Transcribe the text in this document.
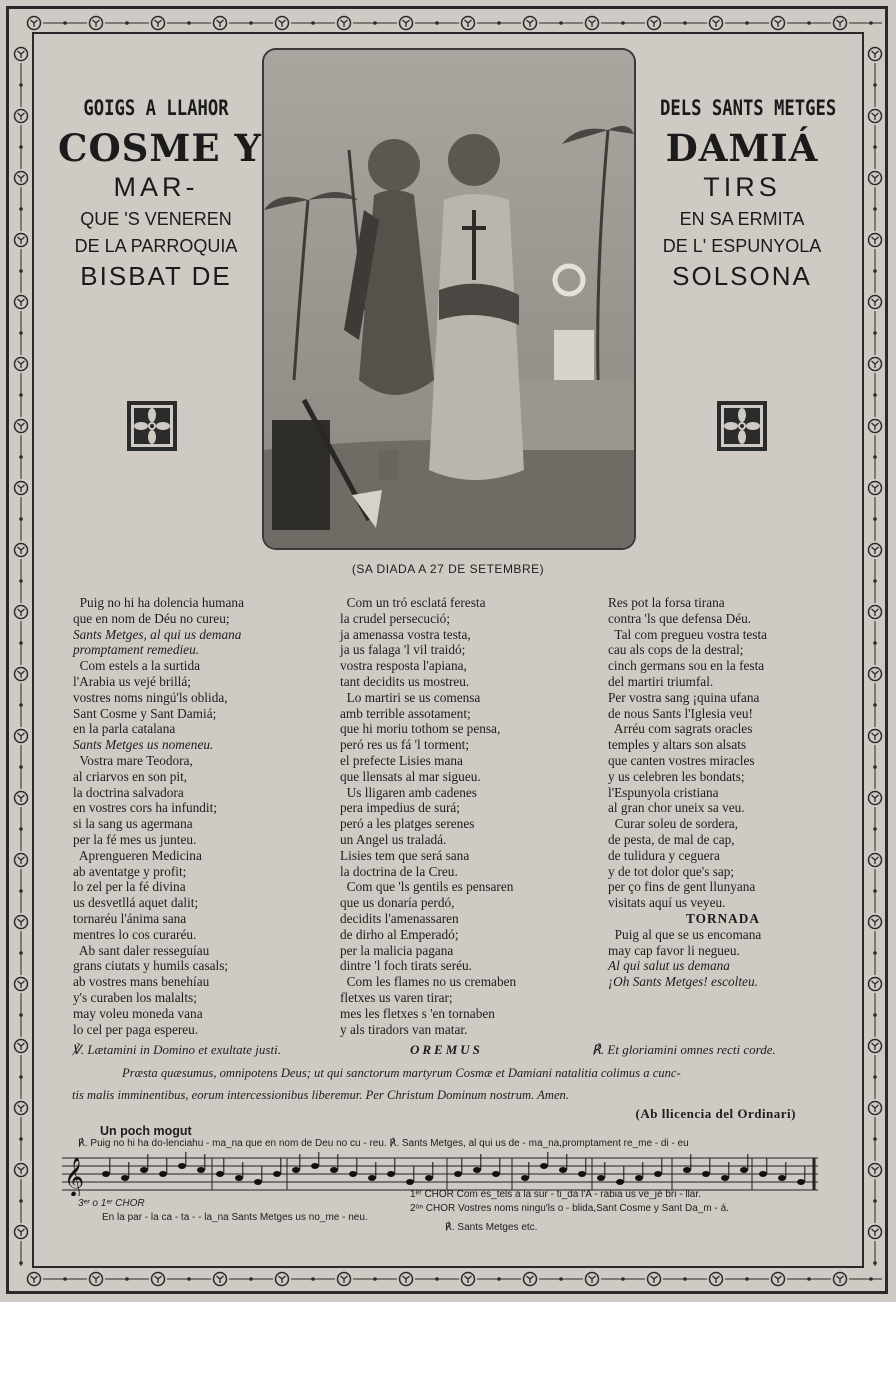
GOIGS A LLAHOR
COSME Y
MAR-
QUE 'S VENEREN
DE LA PARROQUIA
BISBAT DE
DELS SANTS METGES
DAMIÁ
TIRS
EN SA ERMITA
DE L' ESPUNYOLA
SOLSONA
(SA DIADA A 27 DE SETEMBRE)
Puig no hi ha dolencia humana
que en nom de Déu no cureu;
Sants Metges, al qui us demana
promptament remedieu.
Com estels a la surtida
l'Arabia us vejé brillá;
vostres noms ningú'ls oblida,
Sant Cosme y Sant Damiá;
en la parla catalana
Sants Metges us nomeneu.
Vostra mare Teodora,
al criarvos en son pit,
la doctrina salvadora
en vostres cors ha infundit;
si la sang us agermana
per la fé mes us junteu.
Aprengueren Medicina
ab aventatge y profit;
lo zel per la fé divina
us desvetllá aquet dalit;
tornaréu l'ánima sana
mentres lo cos curaréu.
Ab sant daler resseguíau
grans ciutats y humils casals;
ab vostres mans benehíau
y's curaben los malalts;
may voleu moneda vana
lo cel per paga espereu.
Com un tró esclatá feresta
la crudel persecució;
ja amenassa vostra testa,
ja us falaga 'l vil traidó;
vostra resposta l'apiana,
tant decidits us mostreu.
Lo martiri se us comensa
amb terrible assotament;
que hi moriu tothom se pensa,
peró res us fá 'l torment;
el prefecte Lisies mana
que llensats al mar sigueu.
Us lligaren amb cadenes
pera impedius de surá;
peró a les platges serenes
un Angel us traladá.
Lisies tem que será sana
la doctrina de la Creu.
Com que 'ls gentils es pensaren
que us donaría perdó,
decidits l'amenassaren
de dirho al Emperadó;
per la malicia pagana
dintre 'l foch tirats seréu.
Com les flames no us cremaben
fletxes us varen tirar;
mes les fletxes s 'en tornaben
y als tiradors van matar.
Res pot la forsa tirana
contra 'ls que defensa Déu.
Tal com pregueu vostra testa
cau als cops de la destral;
cinch germans sou en la festa
del martiri triumfal.
Per vostra sang ¡quina ufana
de nous Sants l'Iglesia veu!
Arréu com sagrats oracles
temples y altars son alsats
que canten vostres miracles
y us celebren les bondats;
l'Espunyola cristiana
al gran chor uneix sa veu.
Curar soleu de sordera,
de pesta, de mal de cap,
de tulidura y ceguera
y de tot dolor que's sap;
per ço fins de gent llunyana
visitats aquí us veyeu.
TORNADA
Puig al que se us encomana
may cap favor li negueu.
Al qui salut us demana
¡Oh Sants Metges! escolteu.
℣. Lætamini in Domino et exultate justi.	OREMUS	℟. Et gloriamini omnes recti corde.
Præsta quæsumus, omnipotens Deus; ut qui sanctorum martyrum Cosmæ et Damiani natalitia colimus a cunc-
tis malis imminentibus, eorum intercessionibus liberemur. Per Christum Dominum nostrum. Amen.
(Ab llicencia del Ordinari)
Un poch mogut
℟. Puig no hi ha do-lenciahu - ma_na que en nom de Deu no cu - reu. ℟. Sants Metges, al qui us de - ma_na,promptament re_me - di - eu
𝄞
3ᵉʳ o 1ᵉʳ CHOR
1ᵉʳ CHOR Com es_tels a la sur - ti_da l'A - rabia us ve_jé bri - llar.
2ᵒⁿ CHOR Vostres noms ningu'ls o - blida,Sant Cosme y Sant Da_m - á.
En la par - la ca - ta - - la_na Sants Metges us no_me - neu.
℟. Sants Metges etc.
